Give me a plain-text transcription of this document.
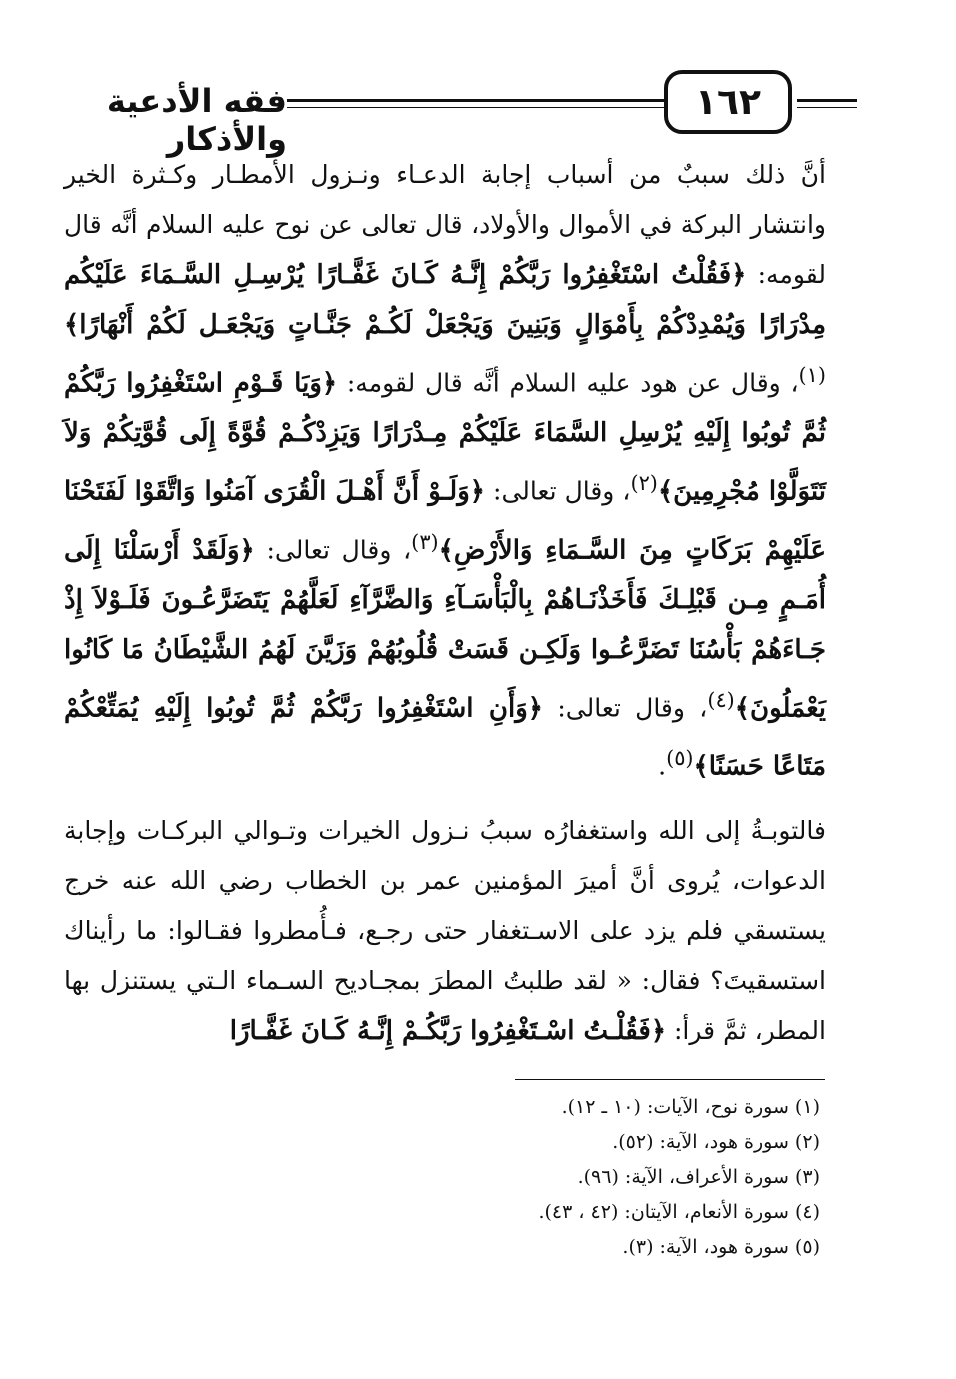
فقه الأدعية والأذكار
١٦٢

أنَّ ذلك سببٌ من أسباب إجابة الدعـاء ونـزول الأمطـار وكـثرة الخير وانتشار البركة في الأموال والأولاد، قال تعالى عن نوح عليه السلام أنَّه قال لقومه: ﴿فَقُلْتُ اسْتَغْفِرُوا رَبَّكُمْ إِنَّـهُ كَـانَ غَفَّـارًا يُرْسِـلِ السَّـمَاءَ عَلَيْكُم مِدْرَارًا وَيُمْدِدْكُمْ بِأَمْوَالٍ وَبَنِينَ وَيَجْعَلْ لَكُـمْ جَنَّـاتٍ وَيَجْعَـل لَكُمْ أَنْهَارًا﴾$^{(١)}$، وقال عن هود عليه السلام أنَّه قال لقومه: ﴿وَيَا قَـوْمِ اسْتَغْفِرُوا رَبَّكُمْ ثُمَّ تُوبُوا إِلَيْهِ يُرْسِلِ السَّمَاءَ عَلَيْكُمْ مِـدْرَارًا وَيَزِدْكُـمْ قُوَّةً إِلَى قُوَّتِكُمْ وَلاَ تَتَوَلَّوْا مُجْرِمِينَ﴾$^{(٢)}$، وقال تعالى: ﴿وَلَـوْ أَنَّ أَهْـلَ الْقُرَى آمَنُوا وَاتَّقَوْا لَفَتَحْنَا عَلَيْهِمْ بَرَكَاتٍ مِنَ السَّـمَاءِ وَالأَرْضِ﴾$^{(٣)}$، وقال تعالى: ﴿وَلَقَدْ أَرْسَلْنَا إِلَى أُمَـمٍ مِـن قَبْلِـكَ فَأَخَذْنَـاهُمْ بِالْبَأْسَـآءِ وَالضَّرَّآءِ لَعَلَّهُمْ يَتَضَرَّعُـونَ فَلَـوْلاَ إِذْ جَـاءَهُمْ بَأْسُنَا تَضَرَّعُـوا وَلَكِـن قَسَتْ قُلُوبُهُمْ وَزَيَّنَ لَهُمُ الشَّيْطَانُ مَا كَانُوا يَعْمَلُونَ﴾$^{(٤)}$، وقال تعالى: ﴿وَأَنِ اسْتَغْفِرُوا رَبَّكُمْ ثُمَّ تُوبُوا إِلَيْهِ يُمَتِّعْكُمْ مَتَاعًا حَسَنًا﴾$^{(٥)}$.

فالتوبـةُ إلى الله واستغفارُه سببُ نـزول الخيرات وتـوالي البركـات وإجابة الدعوات، يُروى أنَّ أميرَ المؤمنين عمر بن الخطاب رضي الله عنه خرج يستسقي فلم يزد على الاسـتغفار حتى رجـع، فـأُمطروا فقـالوا: ما رأيناك استسقيتَ؟ فقال: « لقد طلبتُ المطرَ بمجـاديح السـماء الـتي يستنزل بها المطر، ثمَّ قرأ: ﴿فَقُلْـتُ اسْـتَغْفِرُوا رَبَّكُـمْ إِنَّـهُ كَـانَ غَفَّـارًا

(١) سورة نوح، الآيات: (١٠ ـ ١٢).
(٢) سورة هود، الآية: (٥٢).
(٣) سورة الأعراف، الآية: (٩٦).
(٤) سورة الأنعام، الآيتان: (٤٢ ، ٤٣).
(٥) سورة هود، الآية: (٣).
